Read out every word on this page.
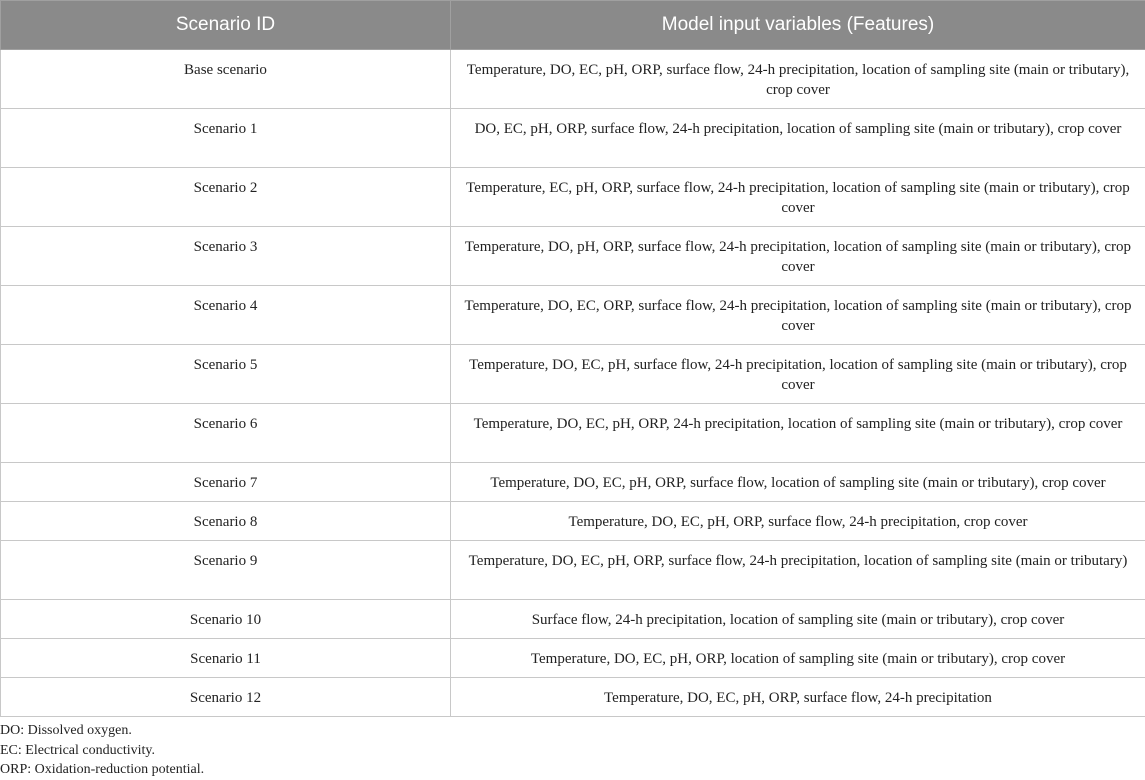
Scenario ID	Model input variables (Features)
Base scenario	Temperature, DO, EC, pH, ORP, surface flow, 24-h precipitation, location of sampling site (main or tributary), crop cover
Scenario 1	DO, EC, pH, ORP, surface flow, 24-h precipitation, location of sampling site (main or tributary), crop cover
Scenario 2	Temperature, EC, pH, ORP, surface flow, 24-h precipitation, location of sampling site (main or tributary), crop cover
Scenario 3	Temperature, DO, pH, ORP, surface flow, 24-h precipitation, location of sampling site (main or tributary), crop cover
Scenario 4	Temperature, DO, EC, ORP, surface flow, 24-h precipitation, location of sampling site (main or tributary), crop cover
Scenario 5	Temperature, DO, EC, pH, surface flow, 24-h precipitation, location of sampling site (main or tributary), crop cover
Scenario 6	Temperature, DO, EC, pH, ORP, 24-h precipitation, location of sampling site (main or tributary), crop cover
Scenario 7	Temperature, DO, EC, pH, ORP, surface flow, location of sampling site (main or tributary), crop cover
Scenario 8	Temperature, DO, EC, pH, ORP, surface flow, 24-h precipitation, crop cover
Scenario 9	Temperature, DO, EC, pH, ORP, surface flow, 24-h precipitation, location of sampling site (main or tributary)
Scenario 10	Surface flow, 24-h precipitation, location of sampling site (main or tributary), crop cover
Scenario 11	Temperature, DO, EC, pH, ORP, location of sampling site (main or tributary), crop cover
Scenario 12	Temperature, DO, EC, pH, ORP, surface flow, 24-h precipitation
DO: Dissolved oxygen.
EC: Electrical conductivity.
ORP: Oxidation-reduction potential.
